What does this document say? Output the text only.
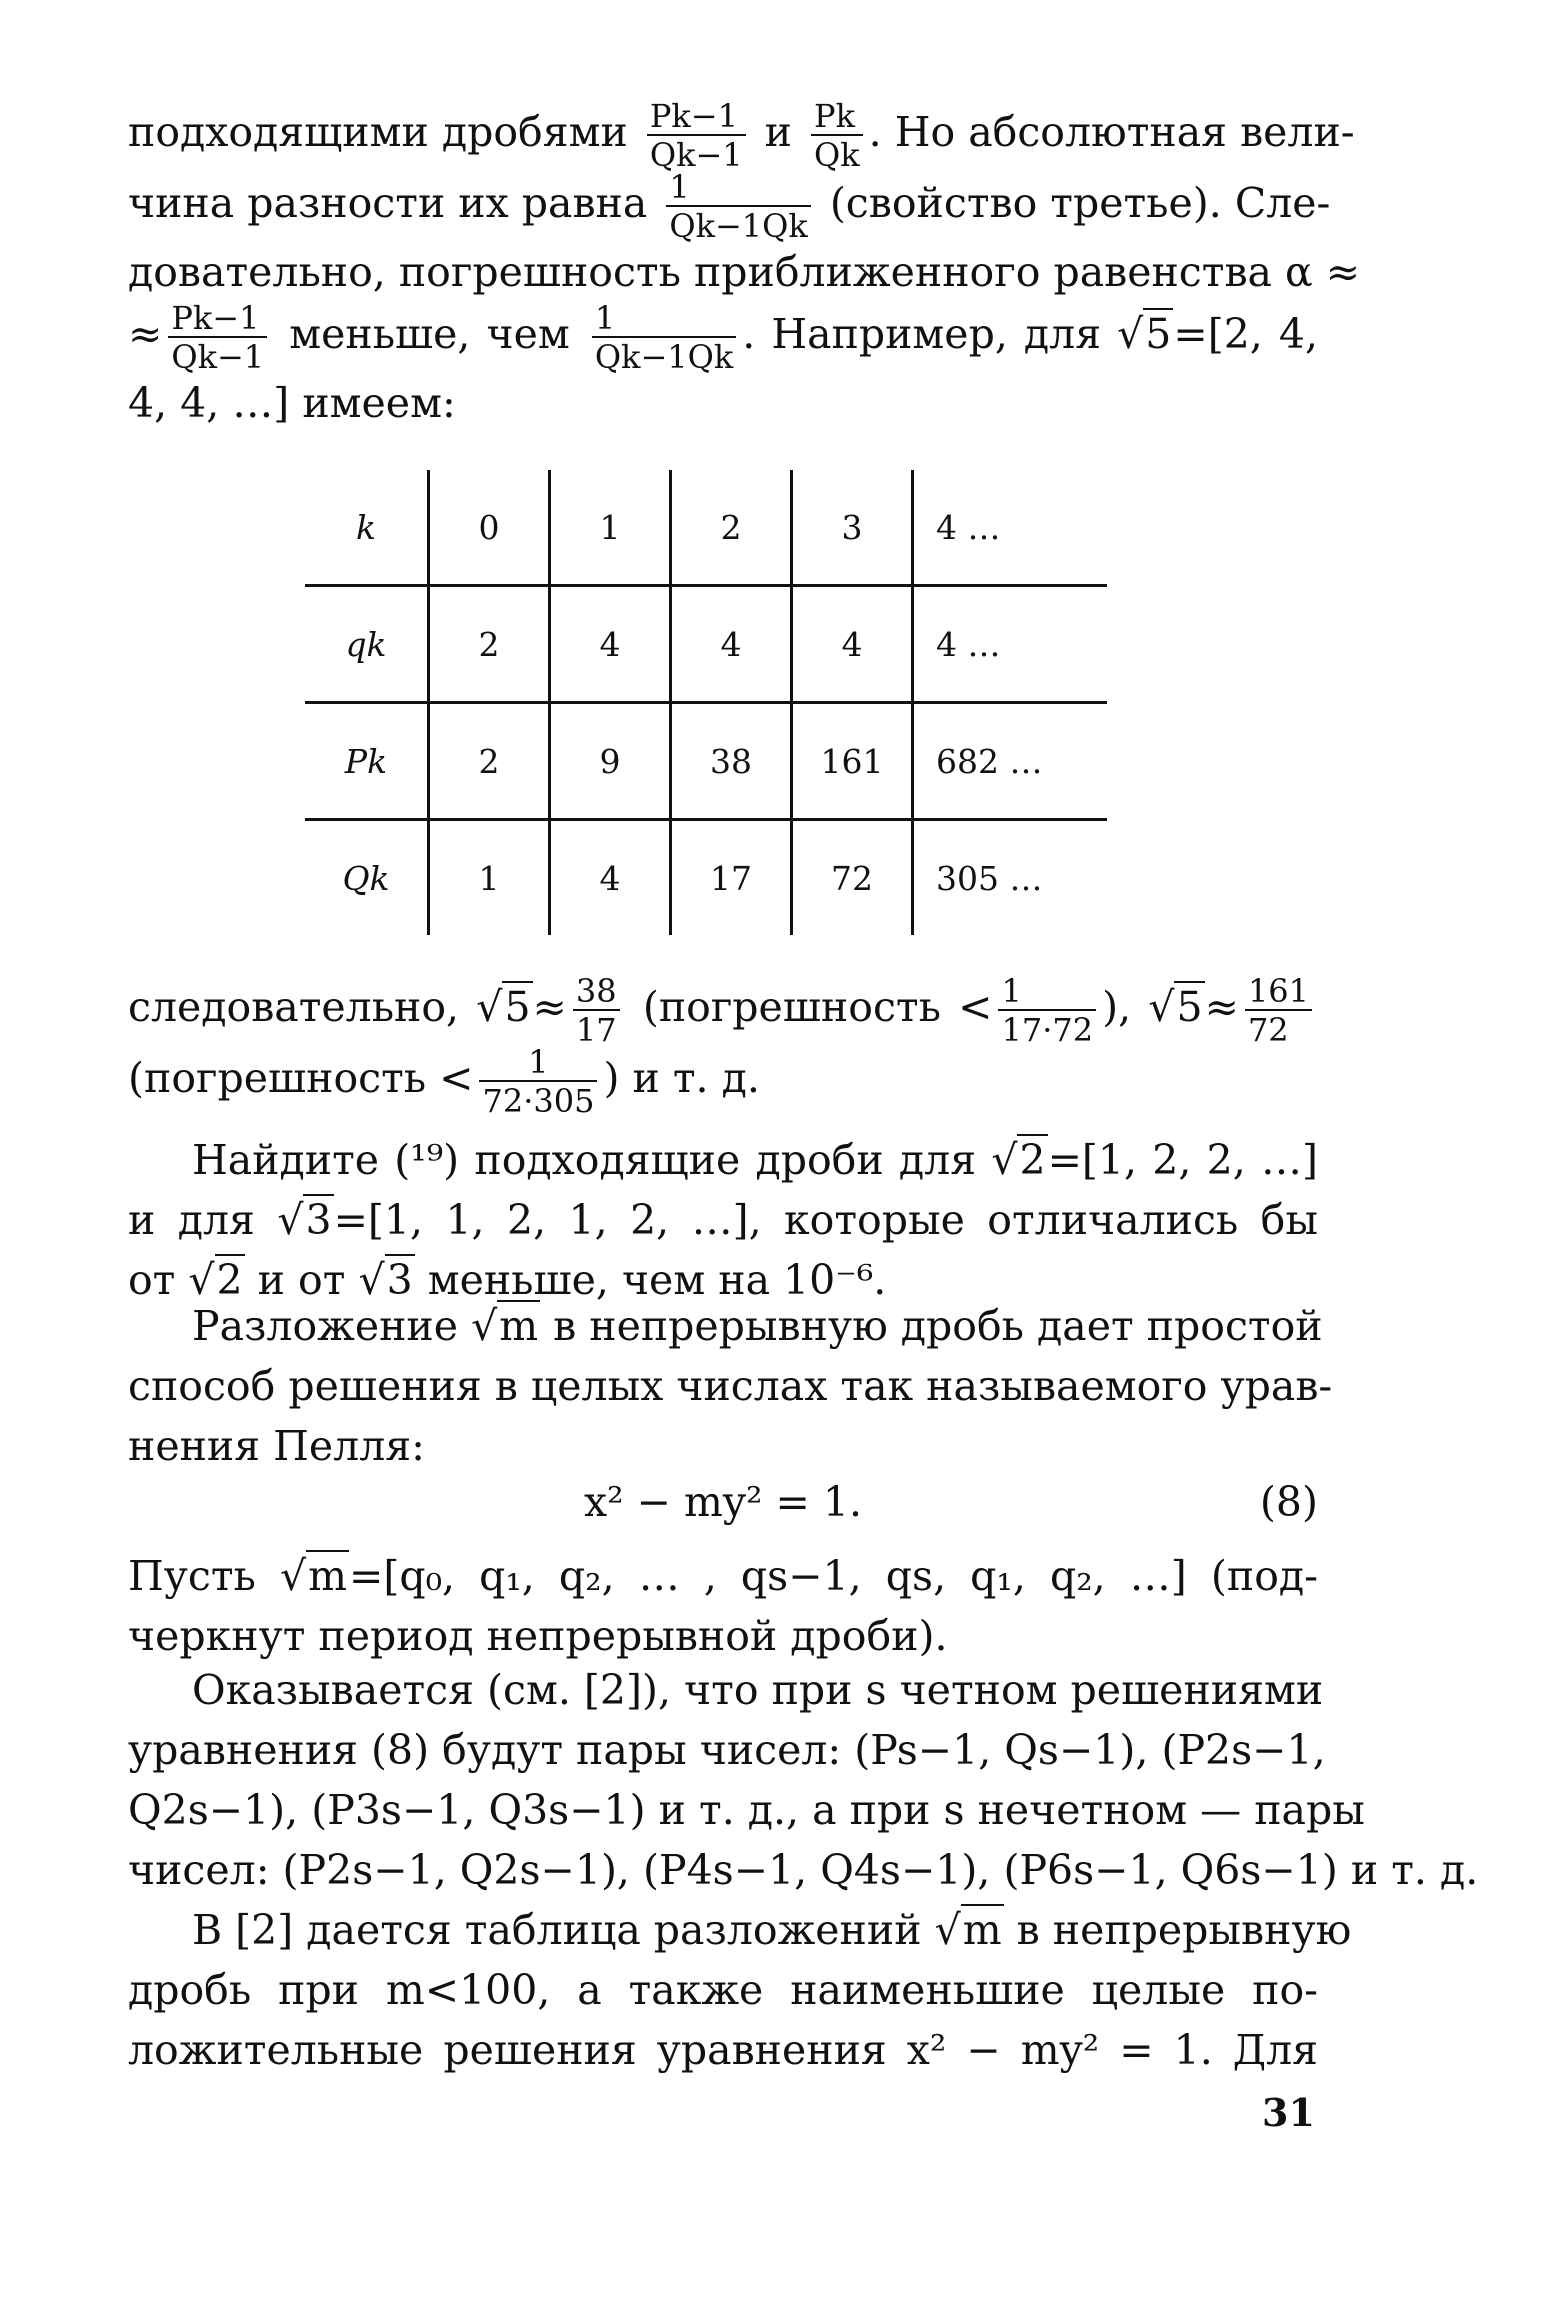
подходящими дробями $\frac{Pk-1}{Qk-1}$ и $\frac{Pk}{Qk}$ . Но абсолютная вели-
чина разности их равна $\frac{1}{Qk-1Qk}$ (свойство третье). Сле-
довательно, погрешность приближенного равенства α ≈
≈ $\frac{Pk-1}{Qk-1}$ меньше, чем $\frac{1}{Qk-1Qk}$ . Например, для √5=[2, 4,
4, 4, …] имеем:
k	0	1	2	3	4 …
qk	2	4	4	4	4 …
Pk	2	9	38	161	682 …
Qk	1	4	17	72	305 …
следовательно, $√5\approx \frac{38}{17}$ (погрешность < $\frac{1}{17\cdot 72}$ ), $√5\approx \frac{161}{72}$
(погрешность < $\frac{1}{72\cdot 305}$ ) и т. д.
Найдите (¹⁹) подходящие дроби для √2=[1, 2, 2, …]
и для √3=[1, 1, 2, 1, 2, …], которые отличались бы
от √2 и от √3 меньше, чем на 10⁻⁶.
Разложение √m в непрерывную дробь дает простой
способ решения в целых числах так называемого урав-
нения Пелля:
x² − my² = 1.	(8)
Пусть √m=[q₀, q₁, q₂, … , qs−1, qs, q₁, q₂, …] (под-
черкнут период непрерывной дроби).
Оказывается (см. [2]), что при s четном решениями
уравнения (8) будут пары чисел: (Ps−1, Qs−1), (P2s−1,
Q2s−1), (P3s−1, Q3s−1) и т. д., а при s нечетном — пары
чисел: (P2s−1, Q2s−1), (P4s−1, Q4s−1), (P6s−1, Q6s−1) и т. д.
В [2] дается таблица разложений √m в непрерывную
дробь при m<100, а также наименьшие целые по-
ложительные решения уравнения x² − my² = 1. Для
31
